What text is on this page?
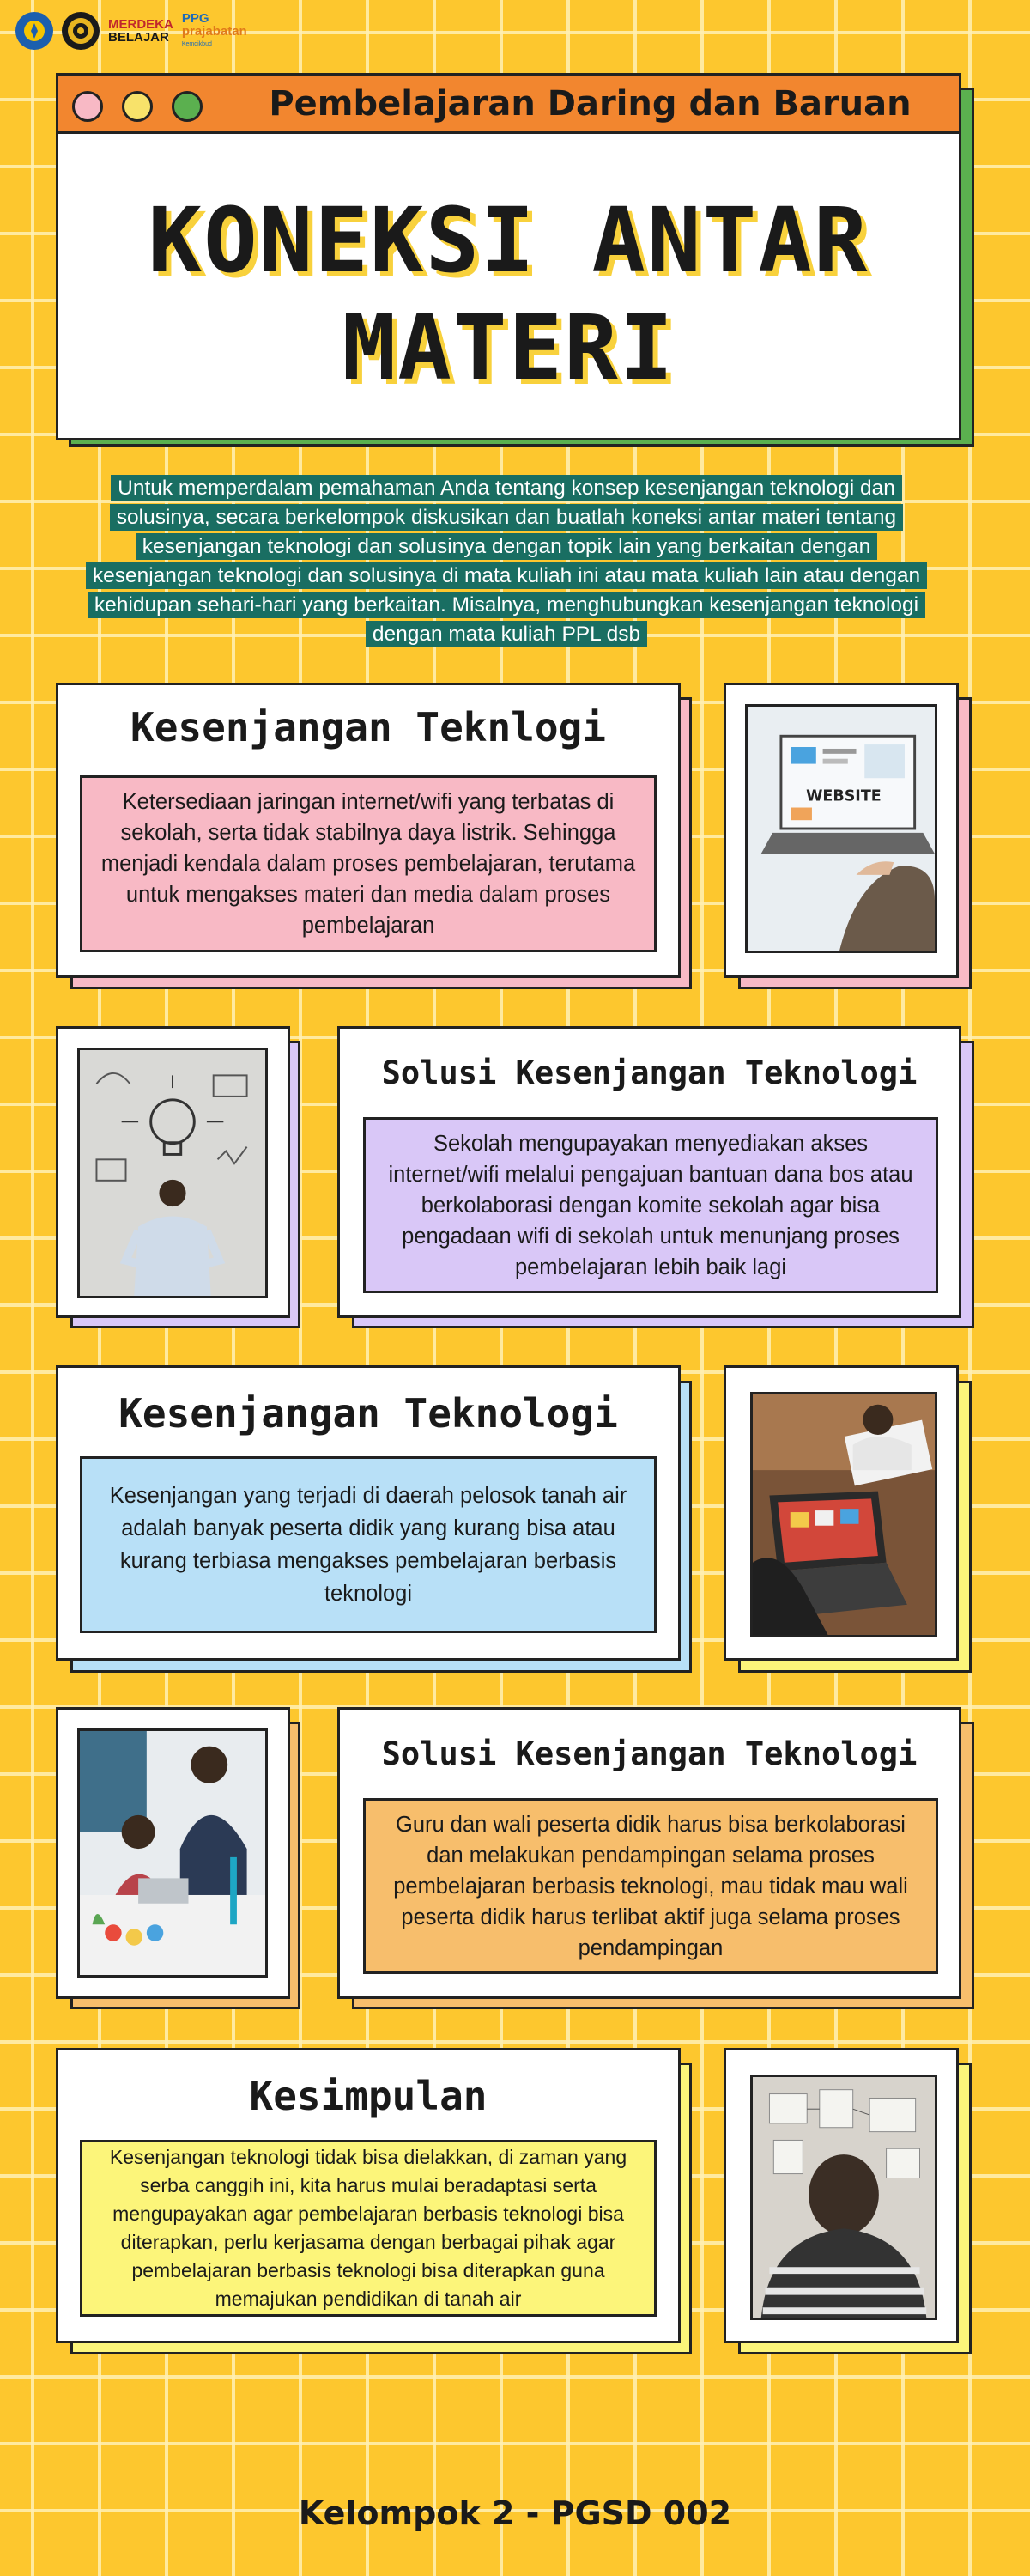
MERDEKA
BELAJAR
PPG
prajabatan
Kemdikbud
Pembelajaran Daring dan Baruan
KONEKSI ANTAR
MATERI
Untuk memperdalam pemahaman Anda tentang konsep kesenjangan teknologi dan solusinya, secara berkelompok diskusikan dan buatlah koneksi antar materi tentang kesenjangan teknologi dan solusinya dengan topik lain yang berkaitan dengan kesenjangan teknologi dan solusinya di mata kuliah ini atau mata kuliah lain atau dengan kehidupan sehari-hari yang berkaitan. Misalnya, menghubungkan kesenjangan teknologi dengan mata kuliah PPL dsb
Kesenjangan Teknlogi
Ketersediaan jaringan internet/wifi yang terbatas di sekolah, serta tidak stabilnya daya listrik. Sehingga menjadi kendala dalam proses pembelajaran, terutama untuk mengakses materi dan media dalam proses pembelajaran
WEBSITE
Solusi Kesenjangan Teknologi
Sekolah mengupayakan menyediakan akses internet/wifi melalui pengajuan bantuan dana bos atau berkolaborasi dengan komite sekolah agar bisa pengadaan wifi di sekolah untuk menunjang proses pembelajaran lebih baik lagi
Kesenjangan Teknologi
Kesenjangan yang terjadi di daerah pelosok tanah air adalah banyak peserta didik yang kurang bisa atau kurang terbiasa mengakses pembelajaran berbasis teknologi
Solusi Kesenjangan Teknologi
Guru dan wali peserta didik harus bisa berkolaborasi dan melakukan pendampingan selama proses pembelajaran berbasis teknologi, mau tidak mau wali peserta didik harus terlibat aktif juga selama proses pendampingan
Kesimpulan
Kesenjangan teknologi tidak bisa dielakkan, di zaman yang serba canggih ini, kita harus mulai beradaptasi serta mengupayakan agar pembelajaran berbasis teknologi bisa diterapkan, perlu kerjasama dengan berbagai pihak agar pembelajaran berbasis teknologi bisa diterapkan guna memajukan pendidikan di tanah air
Kelompok 2 - PGSD 002
